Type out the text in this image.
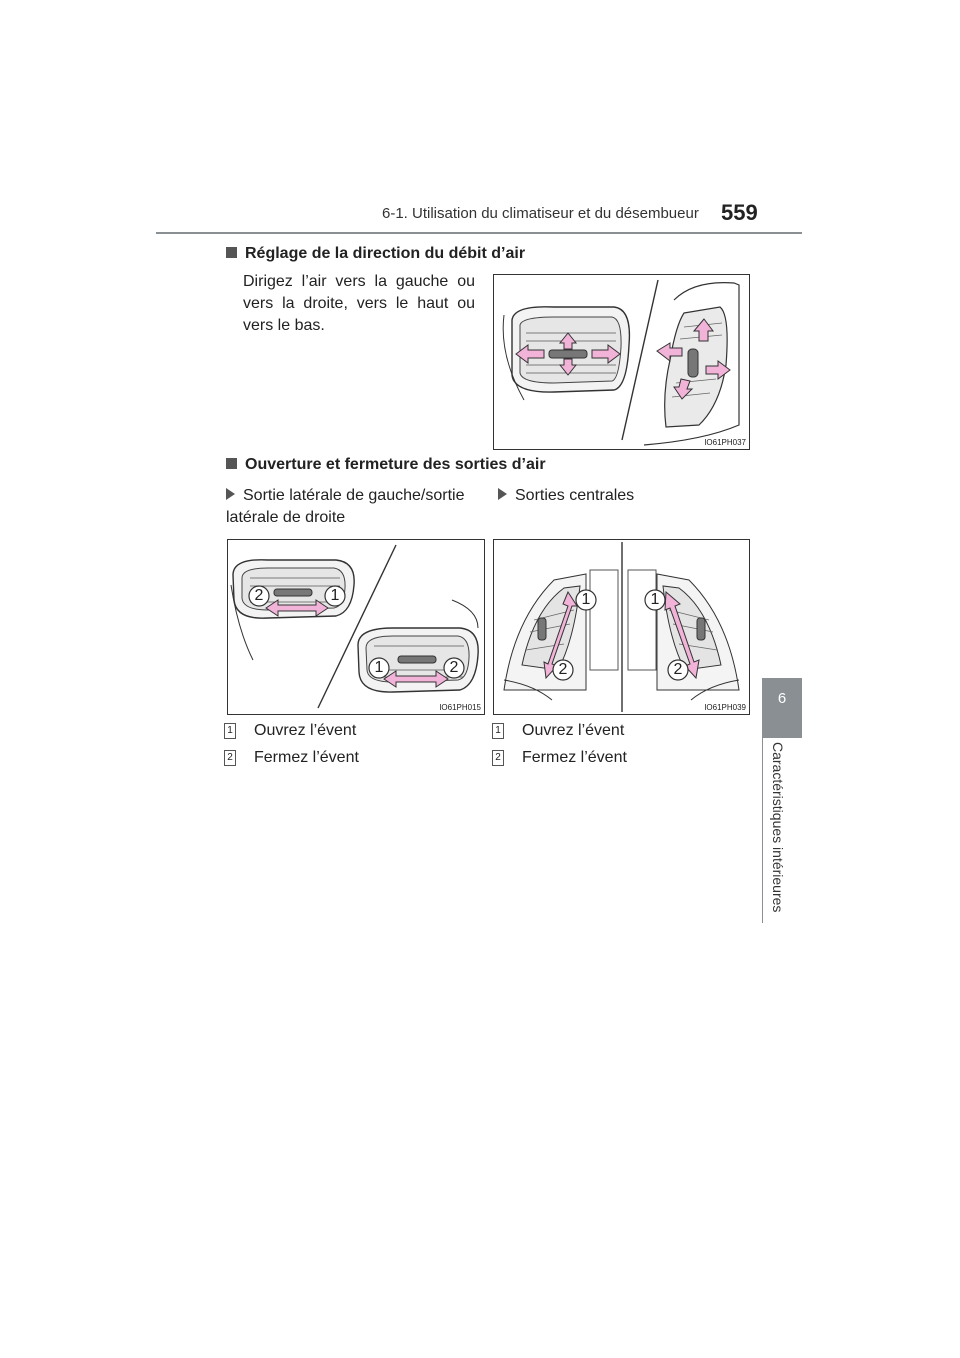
6-1. Utilisation du climatiseur et du désembueur 559
6
Caractéristiques intérieures
Réglage de la direction du débit d’air
Dirigez l’air vers la gauche ou vers la droite, vers le haut ou vers le bas.
IO61PH037
Ouverture et fermeture des sorties d’air
Sortie latérale de gauche/sortie latérale de droite
Sorties centrales
2	1
1	2
IO61PH015
1	1
2	2
IO61PH039
1 Ouvrez l’évent
2 Fermez l’évent
1 Ouvrez l’évent
2 Fermez l’évent
